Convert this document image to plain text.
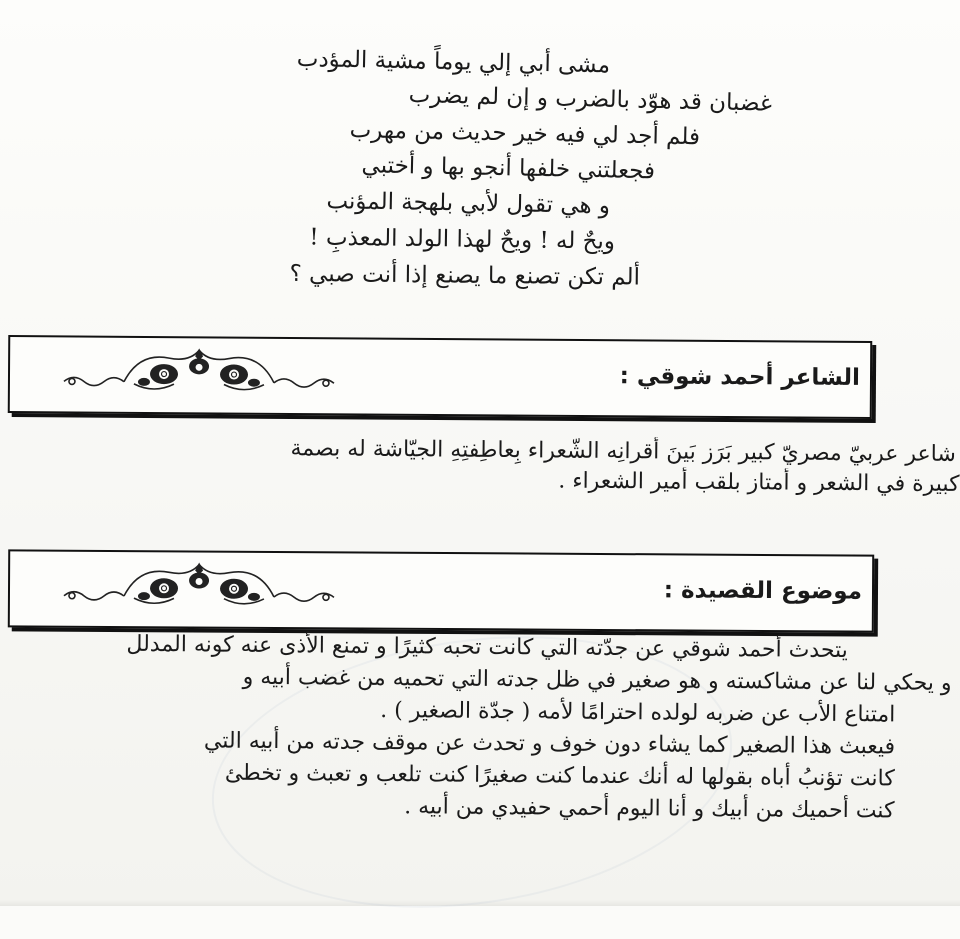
مشى أبي إلي يوماً مشية المؤدب
غضبان قد هوّد بالضرب و إن لم يضرب
فلم أجد لي فيه خير حديث من مهرب
فجعلتني خلفها أنجو بها و أختبي
و هي تقول لأبي بلهجة المؤنب
ويحٌ له ! ويحٌ لهذا الولد المعذبِ !
ألم تكن تصنع ما يصنع إذا أنت صبي ؟
الشاعر أحمد شوقي :
شاعر عربيّ مصريّ كبير بَرَز بَينَ أقرانِه الشّعراء بِعاطِفتِهِ الجيّاشة له بصمة
كبيرة في الشعر و أمتاز بلقب أمير الشعراء .
موضوع القصيدة :
يتحدث أحمد شوقي عن جدّته التي كانت تحبه كثيرًا و تمنع الأذى عنه كونه المدلل
و يحكي لنا عن مشاكسته و هو صغير في ظل جدته التي تحميه من غضب أبيه و
امتناع الأب عن ضربه لولده احترامًا لأمه ( جدّة الصغير ) .
فيعبث هذا الصغير كما يشاء دون خوف و تحدث عن موقف جدته من أبيه التي
كانت تؤنبُ أباه بقولها له أنك عندما كنت صغيرًا كنت تلعب و تعبث و تخطئ
كنت أحميك من أبيك و أنا اليوم أحمي حفيدي من أبيه .
